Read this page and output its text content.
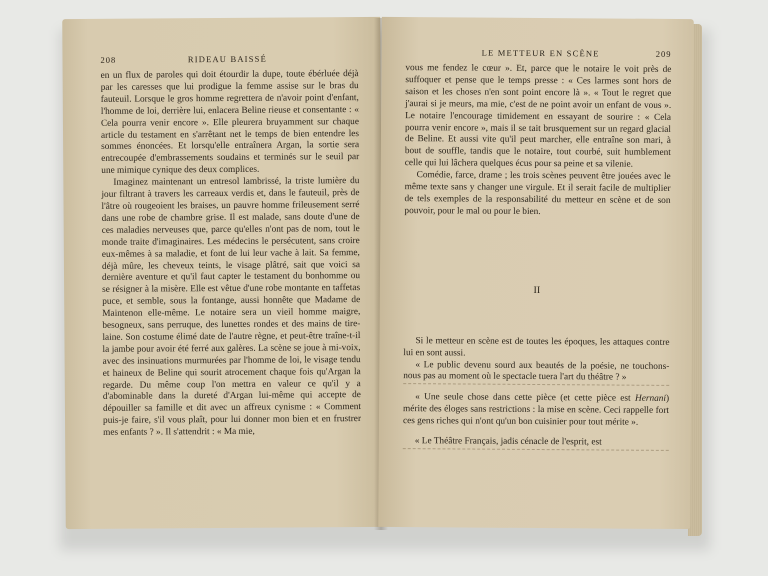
208	RIDEAU BAISSÉ

en un flux de paroles qui doit étourdir la dupe, toute ébérluée déjà par les caresses que lui prodigue la femme assise sur le bras du fauteuil. Lorsque le gros homme regrettera de n'avoir point d'enfant, l'homme de loi, derrière lui, enlacera Beline rieuse et consentante : « Cela pourra venir encore ». Elle pleurera bruyamment sur chaque article du testament en s'arrêtant net le temps de bien entendre les sommes énoncées. Et lorsqu'elle entraînera Argan, la sortie sera entrecoupée d'embrassements soudains et terminés sur le seuil par une mimique cynique des deux complices.

Imaginez maintenant un entresol lambrissé, la triste lumière du jour filtrant à travers les carreaux verdis et, dans le fauteuil, près de l'âtre où rougeoient les braises, un pauvre homme frileusement serré dans une robe de chambre grise. Il est malade, sans doute d'une de ces maladies nerveuses que, parce qu'elles n'ont pas de nom, tout le monde traite d'imaginaires. Les médecins le persécutent, sans croire eux-mêmes à sa maladie, et font de lui leur vache à lait. Sa femme, déjà mûre, les cheveux teints, le visage plâtré, sait que voici sa dernière aventure et qu'il faut capter le testament du bonhomme ou se résigner à la misère. Elle est vêtue d'une robe montante en taffetas puce, et semble, sous la fontange, aussi honnête que Madame de Maintenon elle-même. Le notaire sera un vieil homme maigre, besogneux, sans perruque, des lunettes rondes et des mains de tire-laine. Son costume élimé date de l'autre règne, et peut-être traîne-t-il la jambe pour avoir été ferré aux galères. La scène se joue à mi-voix, avec des insinuations murmurées par l'homme de loi, le visage tendu et haineux de Beline qui sourit atrocement chaque fois qu'Argan la regarde. Du même coup l'on mettra en valeur ce qu'il y a d'abominable dans la dureté d'Argan lui-même qui accepte de dépouiller sa famille et dit avec un affreux cynisme : « Comment puis-je faire, s'il vous plaît, pour lui donner mon bien et en frustrer mes enfants ? ». Il s'attendrit : « Ma mie,

LE METTEUR EN SCÈNE	209

vous me fendez le cœur ». Et, parce que le notaire le voit près de suffoquer et pense que le temps presse : « Ces larmes sont hors de saison et les choses n'en sont point encore là ». « Tout le regret que j'aurai si je meurs, ma mie, c'est de ne point avoir un enfant de vous ». Le notaire l'encourage timidement en essayant de sourire : « Cela pourra venir encore », mais il se tait brusquement sur un regard glacial de Beline. Et aussi vite qu'il peut marcher, elle entraîne son mari, à bout de souffle, tandis que le notaire, tout courbé, suit humblement celle qui lui lâchera quelques écus pour sa peine et sa vilenie.

Comédie, farce, drame ; les trois scènes peuvent être jouées avec le même texte sans y changer une virgule. Et il serait facile de multiplier de tels exemples de la responsabilité du metteur en scène et de son pouvoir, pour le mal ou pour le bien.

II

Si le metteur en scène est de toutes les époques, les attaques contre lui en sont aussi.

« Le public devenu sourd aux beautés de la poésie, ne touchons-nous pas au moment où le spectacle tuera l'art du théâtre ? »

« Une seule chose dans cette pièce (et cette pièce est Hernani) mérite des éloges sans restrictions : la mise en scène. Ceci rappelle fort ces gens riches qui n'ont qu'un bon cuisinier pour tout mérite ».

« Le Théâtre Français, jadis cénacle de l'esprit, est
